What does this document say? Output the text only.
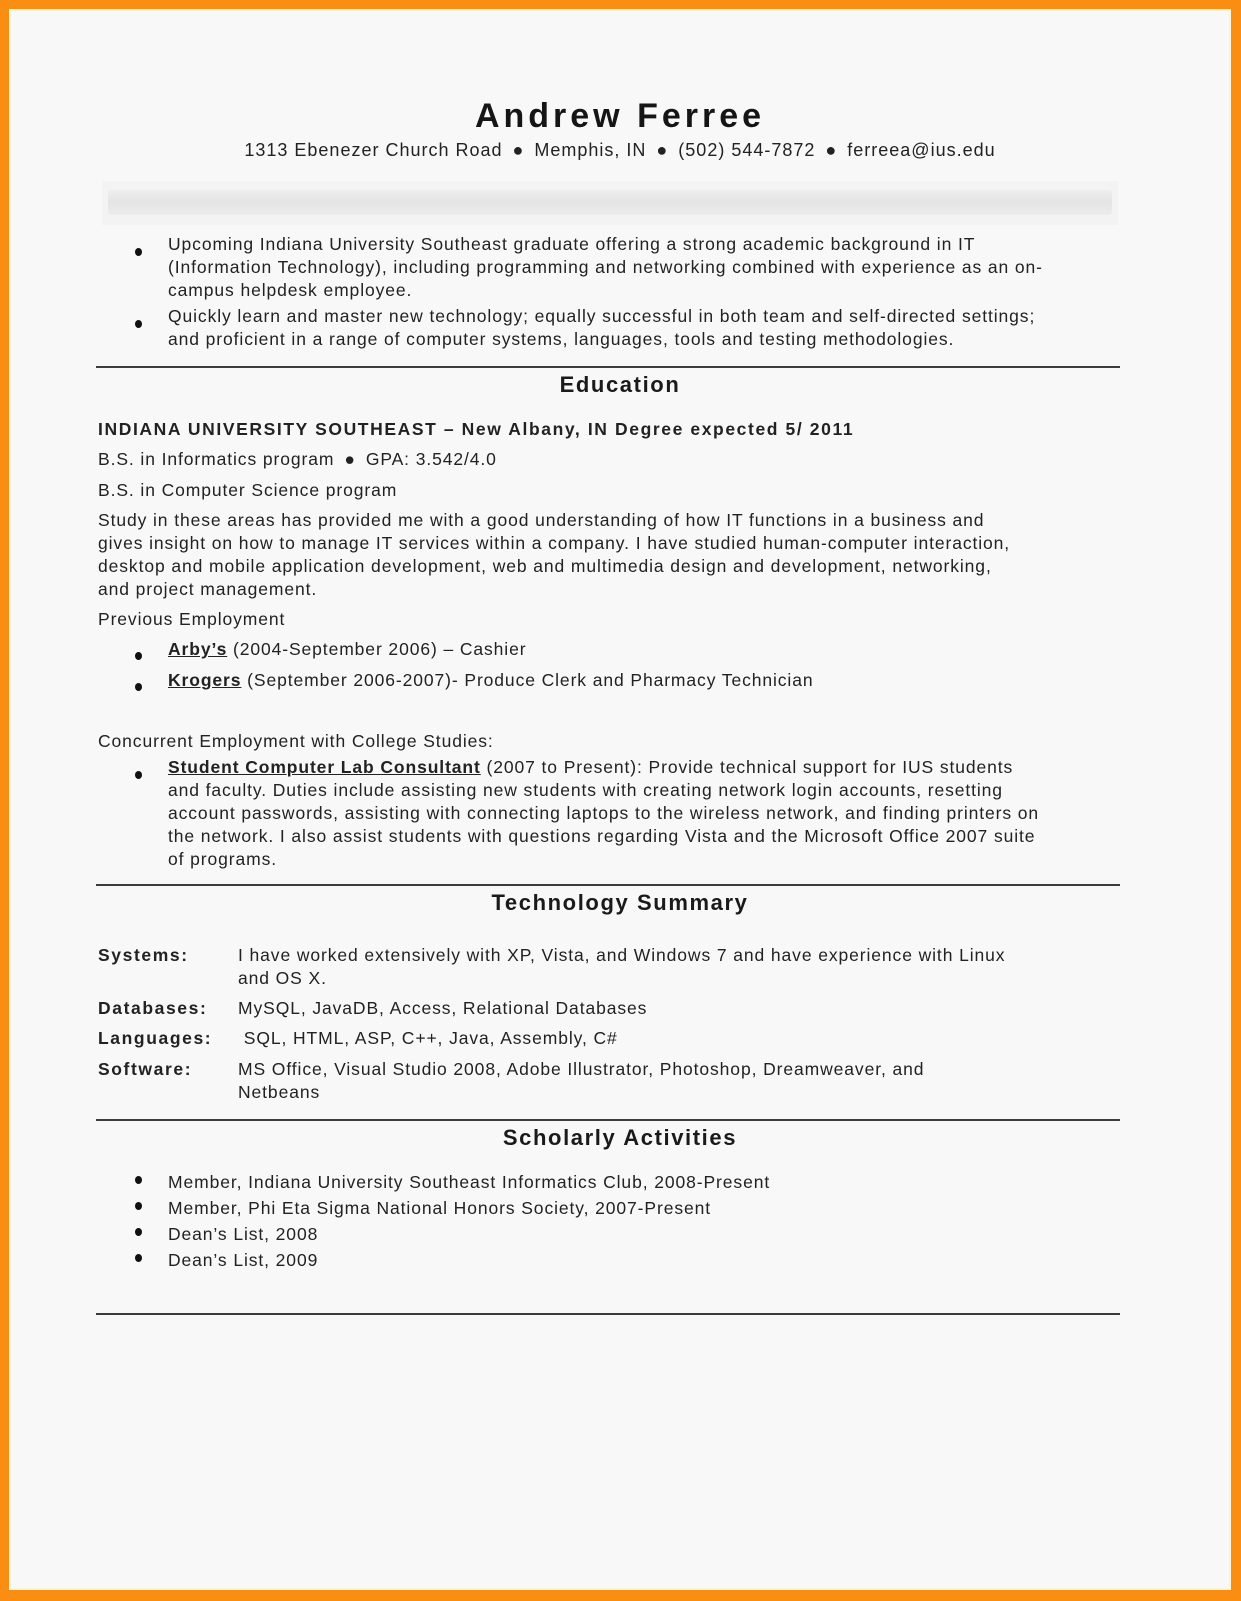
Andrew Ferree
1313 Ebenezer Church Road ● Memphis, IN ● (502) 544-7872 ● ferreea@ius.edu
Upcoming Indiana University Southeast graduate offering a strong academic background in IT
(Information Technology), including programming and networking combined with experience as an on-
campus helpdesk employee.
Quickly learn and master new technology; equally successful in both team and self-directed settings;
and proficient in a range of computer systems, languages, tools and testing methodologies.
Education
INDIANA UNIVERSITY SOUTHEAST – New Albany, IN Degree expected 5/ 2011
B.S. in Informatics program ● GPA: 3.542/4.0
B.S. in Computer Science program
Study in these areas has provided me with a good understanding of how IT functions in a business and
gives insight on how to manage IT services within a company. I have studied human-computer interaction,
desktop and mobile application development, web and multimedia design and development, networking,
and project management.
Previous Employment
Arby’s (2004-September 2006) – Cashier
Krogers (September 2006-2007)- Produce Clerk and Pharmacy Technician
Concurrent Employment with College Studies:
Student Computer Lab Consultant (2007 to Present): Provide technical support for IUS students
and faculty. Duties include assisting new students with creating network login accounts, resetting
account passwords, assisting with connecting laptops to the wireless network, and finding printers on
the network. I also assist students with questions regarding Vista and the Microsoft Office 2007 suite
of programs.
Technology Summary
Systems:	I have worked extensively with XP, Vista, and Windows 7 and have experience with Linux
and OS X.
Databases: MySQL, JavaDB, Access, Relational Databases
Languages: SQL, HTML, ASP, C++, Java, Assembly, C#
Software:	MS Office, Visual Studio 2008, Adobe Illustrator, Photoshop, Dreamweaver, and
Netbeans
Scholarly Activities
Member, Indiana University Southeast Informatics Club, 2008-Present
Member, Phi Eta Sigma National Honors Society, 2007-Present
Dean’s List, 2008
Dean’s List, 2009
